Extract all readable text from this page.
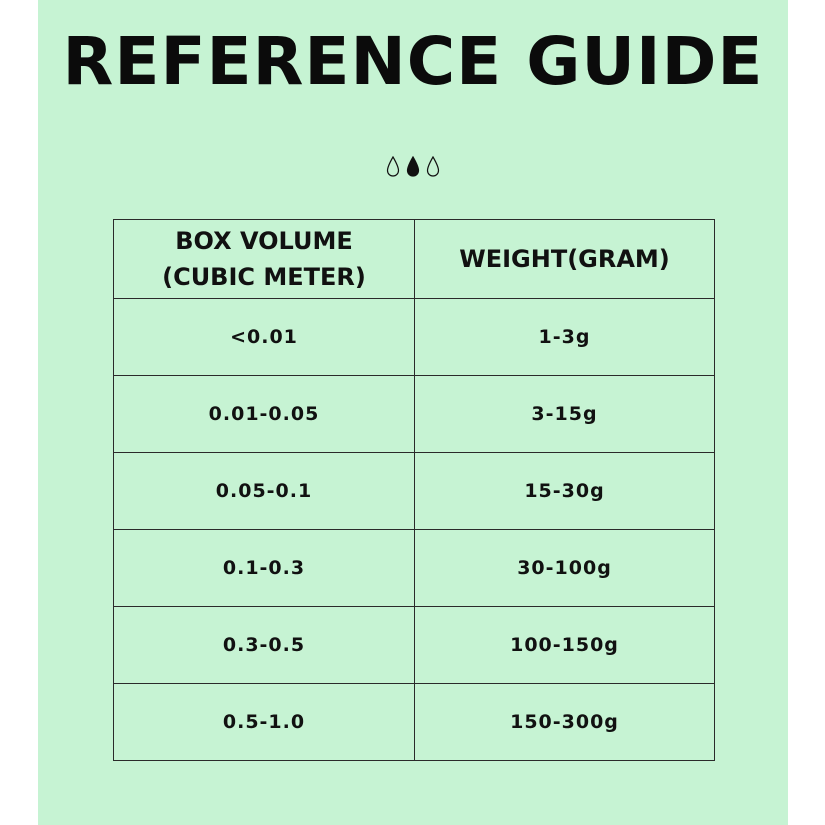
REFERENCE GUIDE
BOX VOLUME
(CUBIC METER)	WEIGHT(GRAM)
<0.01	1-3g
0.01-0.05	3-15g
0.05-0.1	15-30g
0.1-0.3	30-100g
0.3-0.5	100-150g
0.5-1.0	150-300g
